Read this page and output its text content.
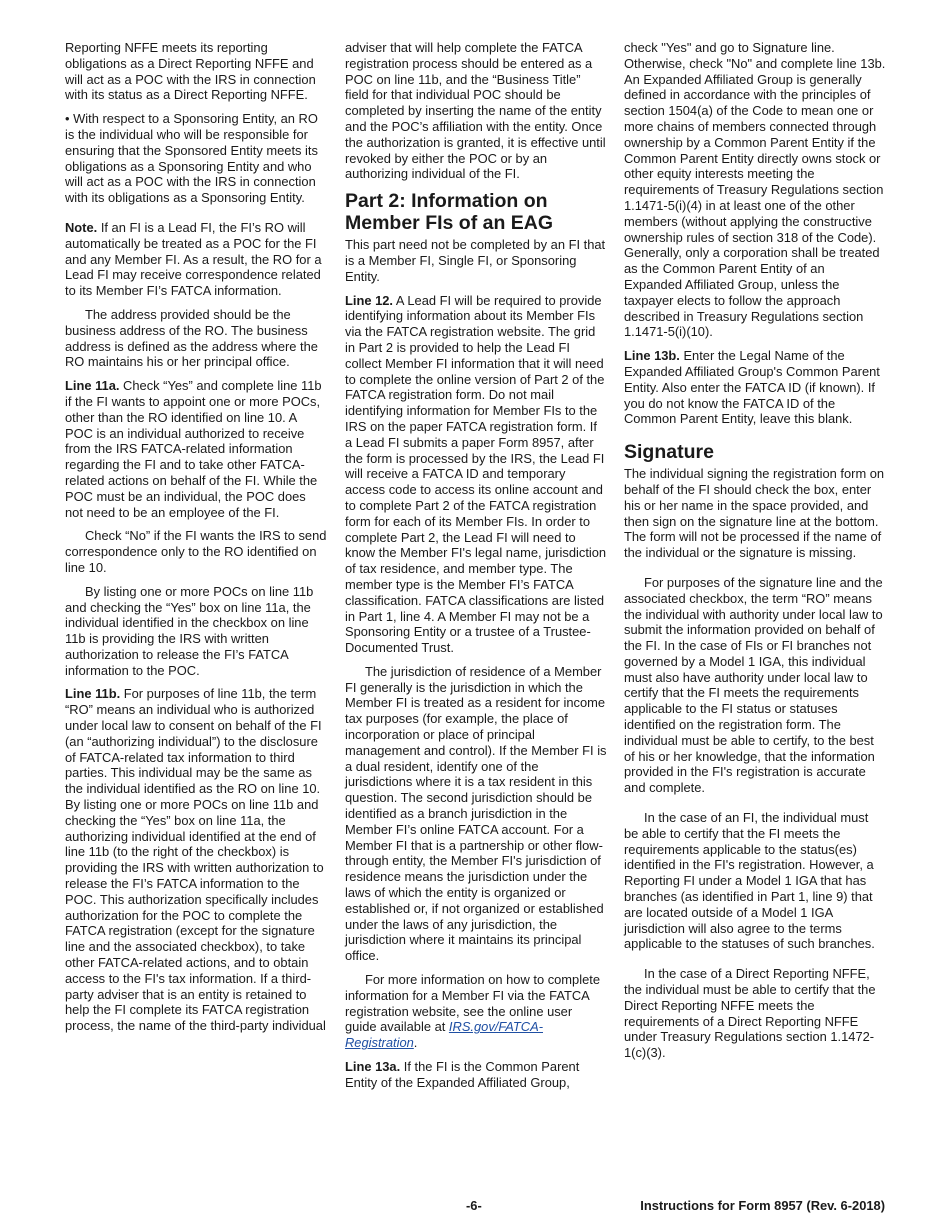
Reporting NFFE meets its reporting obligations as a Direct Reporting NFFE and will act as a POC with the IRS in connection with its status as a Direct Reporting NFFE.

• With respect to a Sponsoring Entity, an RO is the individual who will be responsible for ensuring that the Sponsored Entity meets its obligations as a Sponsoring Entity and who will act as a POC with the IRS in connection with its obligations as a Sponsoring Entity.

Note. If an FI is a Lead FI, the FI’s RO will automatically be treated as a POC for the FI and any Member FI. As a result, the RO for a Lead FI may receive correspondence related to its Member FI’s FATCA information.

The address provided should be the business address of the RO. The business address is defined as the address where the RO maintains his or her principal office.

Line 11a. Check “Yes” and complete line 11b if the FI wants to appoint one or more POCs, other than the RO identified on line 10. A POC is an individual authorized to receive from the IRS FATCA-related information regarding the FI and to take other FATCA-related actions on behalf of the FI. While the POC must be an individual, the POC does not need to be an employee of the FI.

Check “No” if the FI wants the IRS to send correspondence only to the RO identified on line 10.

By listing one or more POCs on line 11b and checking the “Yes” box on line 11a, the individual identified in the checkbox on line 11b is providing the IRS with written authorization to release the FI’s FATCA information to the POC.

Line 11b. For purposes of line 11b, the term “RO” means an individual who is authorized under local law to consent on behalf of the FI (an “authorizing individual”) to the disclosure of FATCA-related tax information to third parties. This individual may be the same as the individual identified as the RO on line 10. By listing one or more POCs on line 11b and checking the “Yes” box on line 11a, the authorizing individual identified at the end of line 11b (to the right of the checkbox) is providing the IRS with written authorization to release the FI’s FATCA information to the POC. This authorization specifically includes authorization for the POC to complete the FATCA registration (except for the signature line and the associated checkbox), to take other FATCA-related actions, and to obtain access to the FI's tax information. If a third-party adviser that is an entity is retained to help the FI complete its FATCA registration process, the name of the third-party individual

adviser that will help complete the FATCA registration process should be entered as a POC on line 11b, and the “Business Title” field for that individual POC should be completed by inserting the name of the entity and the POC’s affiliation with the entity. Once the authorization is granted, it is effective until revoked by either the POC or by an authorizing individual of the FI.

Part 2: Information on Member FIs of an EAG

This part need not be completed by an FI that is a Member FI, Single FI, or Sponsoring Entity.

Line 12. A Lead FI will be required to provide identifying information about its Member FIs via the FATCA registration website. The grid in Part 2 is provided to help the Lead FI collect Member FI information that it will need to complete the online version of Part 2 of the FATCA registration form. Do not mail identifying information for Member FIs to the IRS on the paper FATCA registration form. If a Lead FI submits a paper Form 8957, after the form is processed by the IRS, the Lead FI will receive a FATCA ID and temporary access code to access its online account and to complete Part 2 of the FATCA registration form for each of its Member FIs. In order to complete Part 2, the Lead FI will need to know the Member FI's legal name, jurisdiction of tax residence, and member type. The member type is the Member FI’s FATCA classification. FATCA classifications are listed in Part 1, line 4. A Member FI may not be a Sponsoring Entity or a trustee of a Trustee-Documented Trust.

The jurisdiction of residence of a Member FI generally is the jurisdiction in which the Member FI is treated as a resident for income tax purposes (for example, the place of incorporation or place of principal management and control). If the Member FI is a dual resident, identify one of the jurisdictions where it is a tax resident in this question. The second jurisdiction should be identified as a branch jurisdiction in the Member FI’s online FATCA account. For a Member FI that is a partnership or other flow-through entity, the Member FI's jurisdiction of residence means the jurisdiction under the laws of which the entity is organized or established or, if not organized or established under the laws of any jurisdiction, the jurisdiction where it maintains its principal office.

For more information on how to complete information for a Member FI via the FATCA registration website, see the online user guide available at IRS.gov/FATCA-Registration.

Line 13a. If the FI is the Common Parent Entity of the Expanded Affiliated Group,

check "Yes" and go to Signature line. Otherwise, check "No" and complete line 13b. An Expanded Affiliated Group is generally defined in accordance with the principles of section 1504(a) of the Code to mean one or more chains of members connected through ownership by a Common Parent Entity if the Common Parent Entity directly owns stock or other equity interests meeting the requirements of Treasury Regulations section 1.1471-5(i)(4) in at least one of the other members (without applying the constructive ownership rules of section 318 of the Code). Generally, only a corporation shall be treated as the Common Parent Entity of an Expanded Affiliated Group, unless the taxpayer elects to follow the approach described in Treasury Regulations section 1.1471-5(i)(10).

Line 13b. Enter the Legal Name of the Expanded Affiliated Group's Common Parent Entity. Also enter the FATCA ID (if known). If you do not know the FATCA ID of the Common Parent Entity, leave this blank.

Signature

The individual signing the registration form on behalf of the FI should check the box, enter his or her name in the space provided, and then sign on the signature line at the bottom. The form will not be processed if the name of the individual or the signature is missing.

For purposes of the signature line and the associated checkbox, the term “RO” means the individual with authority under local law to submit the information provided on behalf of the FI. In the case of FIs or FI branches not governed by a Model 1 IGA, this individual must also have authority under local law to certify that the FI meets the requirements applicable to the FI status or statuses identified on the registration form. The individual must be able to certify, to the best of his or her knowledge, that the information provided in the FI's registration is accurate and complete.

In the case of an FI, the individual must be able to certify that the FI meets the requirements applicable to the status(es) identified in the FI's registration. However, a Reporting FI under a Model 1 IGA that has branches (as identified in Part 1, line 9) that are located outside of a Model 1 IGA jurisdiction will also agree to the terms applicable to the statuses of such branches.

In the case of a Direct Reporting NFFE, the individual must be able to certify that the Direct Reporting NFFE meets the requirements of a Direct Reporting NFFE under Treasury Regulations section 1.1472-1(c)(3).

-6-	Instructions for Form 8957 (Rev. 6-2018)
